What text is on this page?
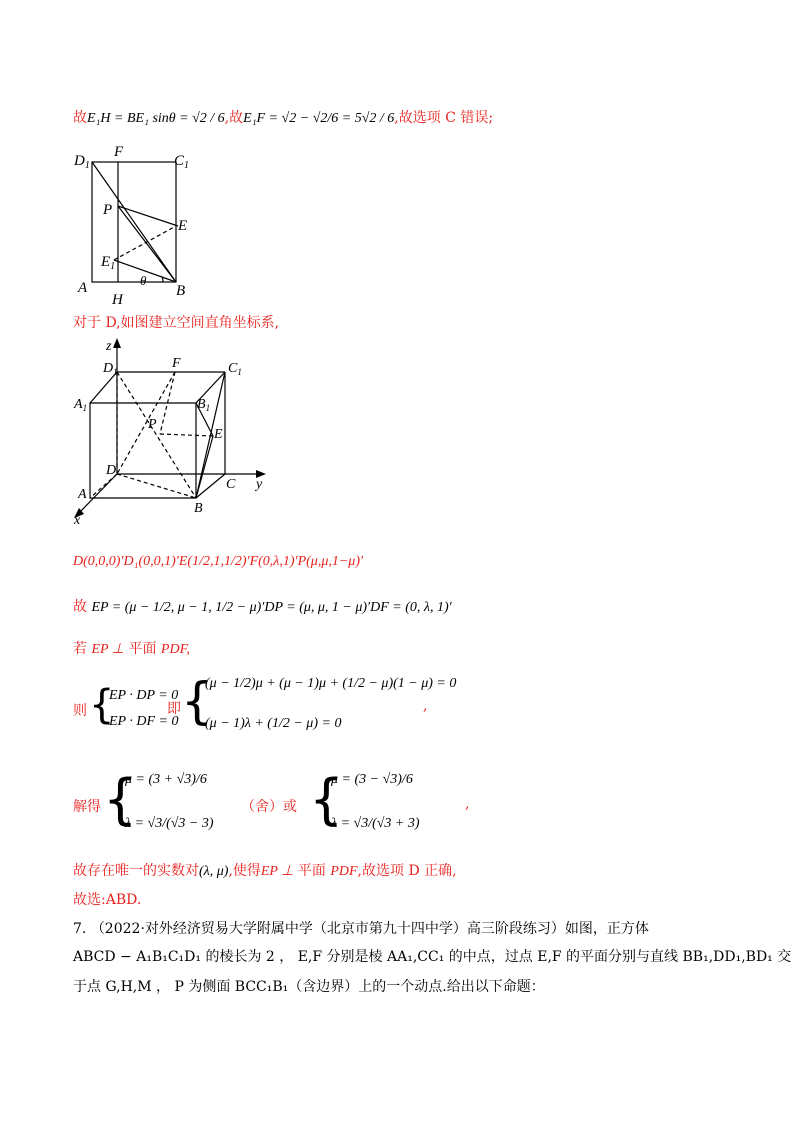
故E₁H = BE₁ sinθ = √2 / 6,故E₁F = √2 − √2/6 = 5√2 / 6,故选项 C 错误;
$D_1$
F
$C_1$
P
E
$E_1$
θ
A
H
B
对于 D,如图建立空间直角坐标系,
z
y
x
$D_1$
F	$C_1$
$A_1$	$B_1$
P
E
D
C
A
B
D(0,0,0)′D₁(0,0,1)′E(1/2,1,1/2)′F(0,λ,1)′P(μ,μ,1−μ)′
故 EP = (μ − 1/2, μ − 1, 1/2 − μ)′DP = (μ, μ, 1 − μ)′DF = (0, λ, 1)′
若 EP ⊥ 平面 PDF,
则 {
EP · DP = 0
EP · DF = 0
即 {
(μ − 1/2)μ + (μ − 1)μ + (1/2 − μ)(1 − μ) = 0
(μ − 1)λ + (1/2 − μ) = 0
,
解得 {
μ = (3 + √3)/6
λ = √3/(√3 − 3)
（舍）或 {
μ = (3 − √3)/6
λ = √3/(√3 + 3)
,
故存在唯一的实数对(λ, μ),使得EP ⊥ 平面 PDF,故选项 D 正确,
故选:ABD.
7. （2022·对外经济贸易大学附属中学（北京市第九十四中学）高三阶段练习）如图，正方体
ABCD − A₁B₁C₁D₁ 的棱长为 2 ， E,F 分别是棱 AA₁,CC₁ 的中点，过点 E,F 的平面分别与直线 BB₁,DD₁,BD₁ 交
于点 G,H,M ， P 为侧面 BCC₁B₁（含边界）上的一个动点.给出以下命题：
